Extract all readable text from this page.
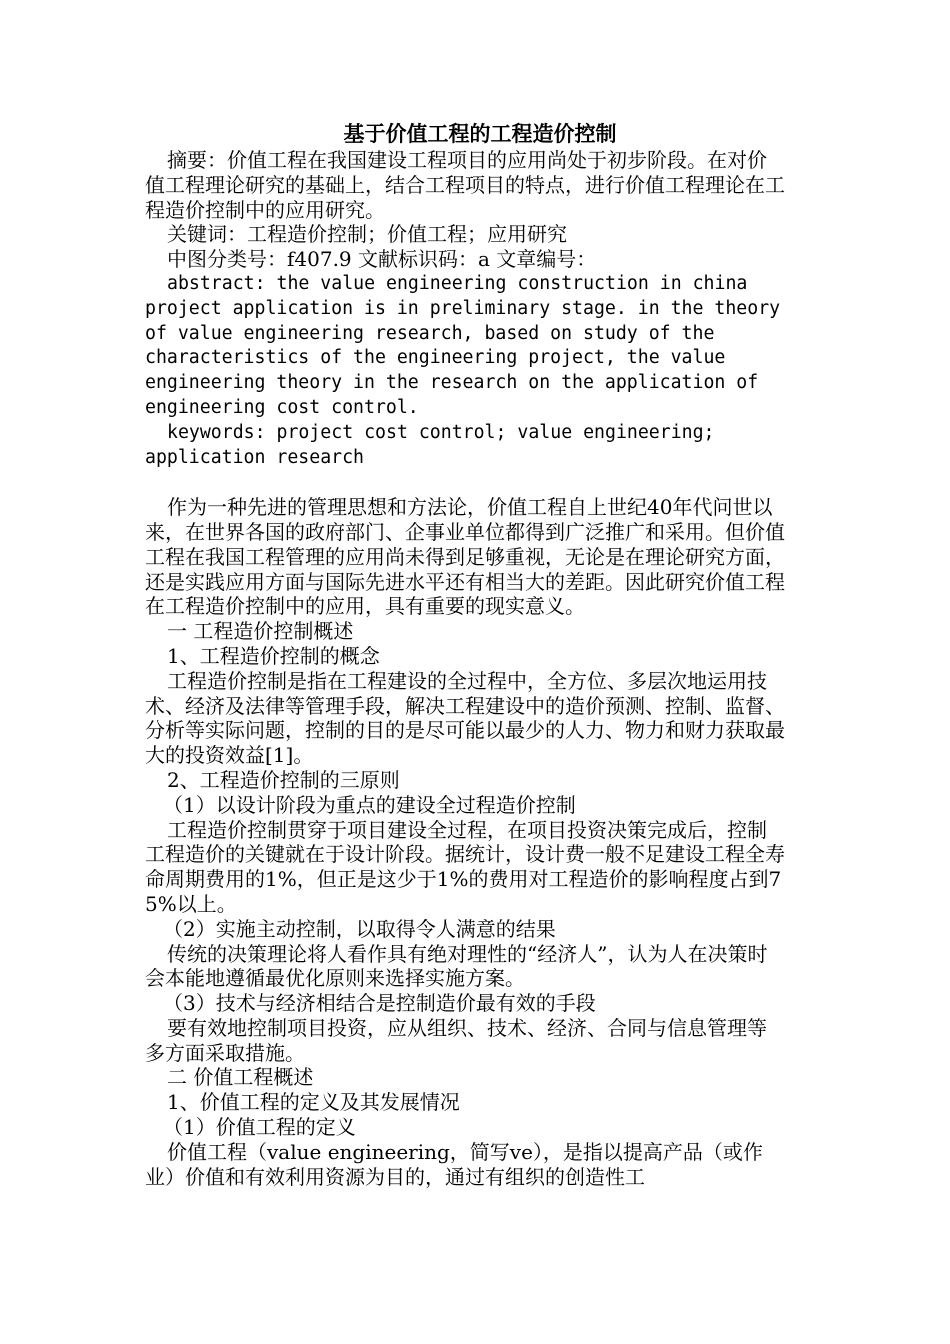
基于价值工程的工程造价控制

摘要：价值工程在我国建设工程项目的应用尚处于初步阶段。在对价值工程理论研究的基础上，结合工程项目的特点，进行价值工程理论在工程造价控制中的应用研究。

关键词：工程造价控制；价值工程；应用研究

中图分类号：f407.9 文献标识码：a 文章编号：

abstract: the value engineering construction in china project application is in preliminary stage. in the theory of value engineering research, based on study of the characteristics of the engineering project, the value engineering theory in the research on the application of engineering cost control.

keywords: project cost control; value engineering; application research

作为一种先进的管理思想和方法论，价值工程自上世纪40年代问世以来，在世界各国的政府部门、企事业单位都得到广泛推广和采用。但价值工程在我国工程管理的应用尚未得到足够重视，无论是在理论研究方面，还是实践应用方面与国际先进水平还有相当大的差距。因此研究价值工程在工程造价控制中的应用，具有重要的现实意义。

一 工程造价控制概述

1、工程造价控制的概念

工程造价控制是指在工程建设的全过程中，全方位、多层次地运用技术、经济及法律等管理手段，解决工程建设中的造价预测、控制、监督、分析等实际问题，控制的目的是尽可能以最少的人力、物力和财力获取最大的投资效益[1]。

2、工程造价控制的三原则

（1）以设计阶段为重点的建设全过程造价控制

工程造价控制贯穿于项目建设全过程，在项目投资决策完成后，控制工程造价的关键就在于设计阶段。据统计，设计费一般不足建设工程全寿命周期费用的1%，但正是这少于1%的费用对工程造价的影响程度占到75%以上。

（2）实施主动控制，以取得令人满意的结果

传统的决策理论将人看作具有绝对理性的“经济人”，认为人在决策时会本能地遵循最优化原则来选择实施方案。

（3）技术与经济相结合是控制造价最有效的手段

要有效地控制项目投资，应从组织、技术、经济、合同与信息管理等多方面采取措施。

二 价值工程概述

1、价值工程的定义及其发展情况

（1）价值工程的定义

价值工程（value engineering，简写ve），是指以提高产品（或作业）价值和有效利用资源为目的，通过有组织的创造性工
